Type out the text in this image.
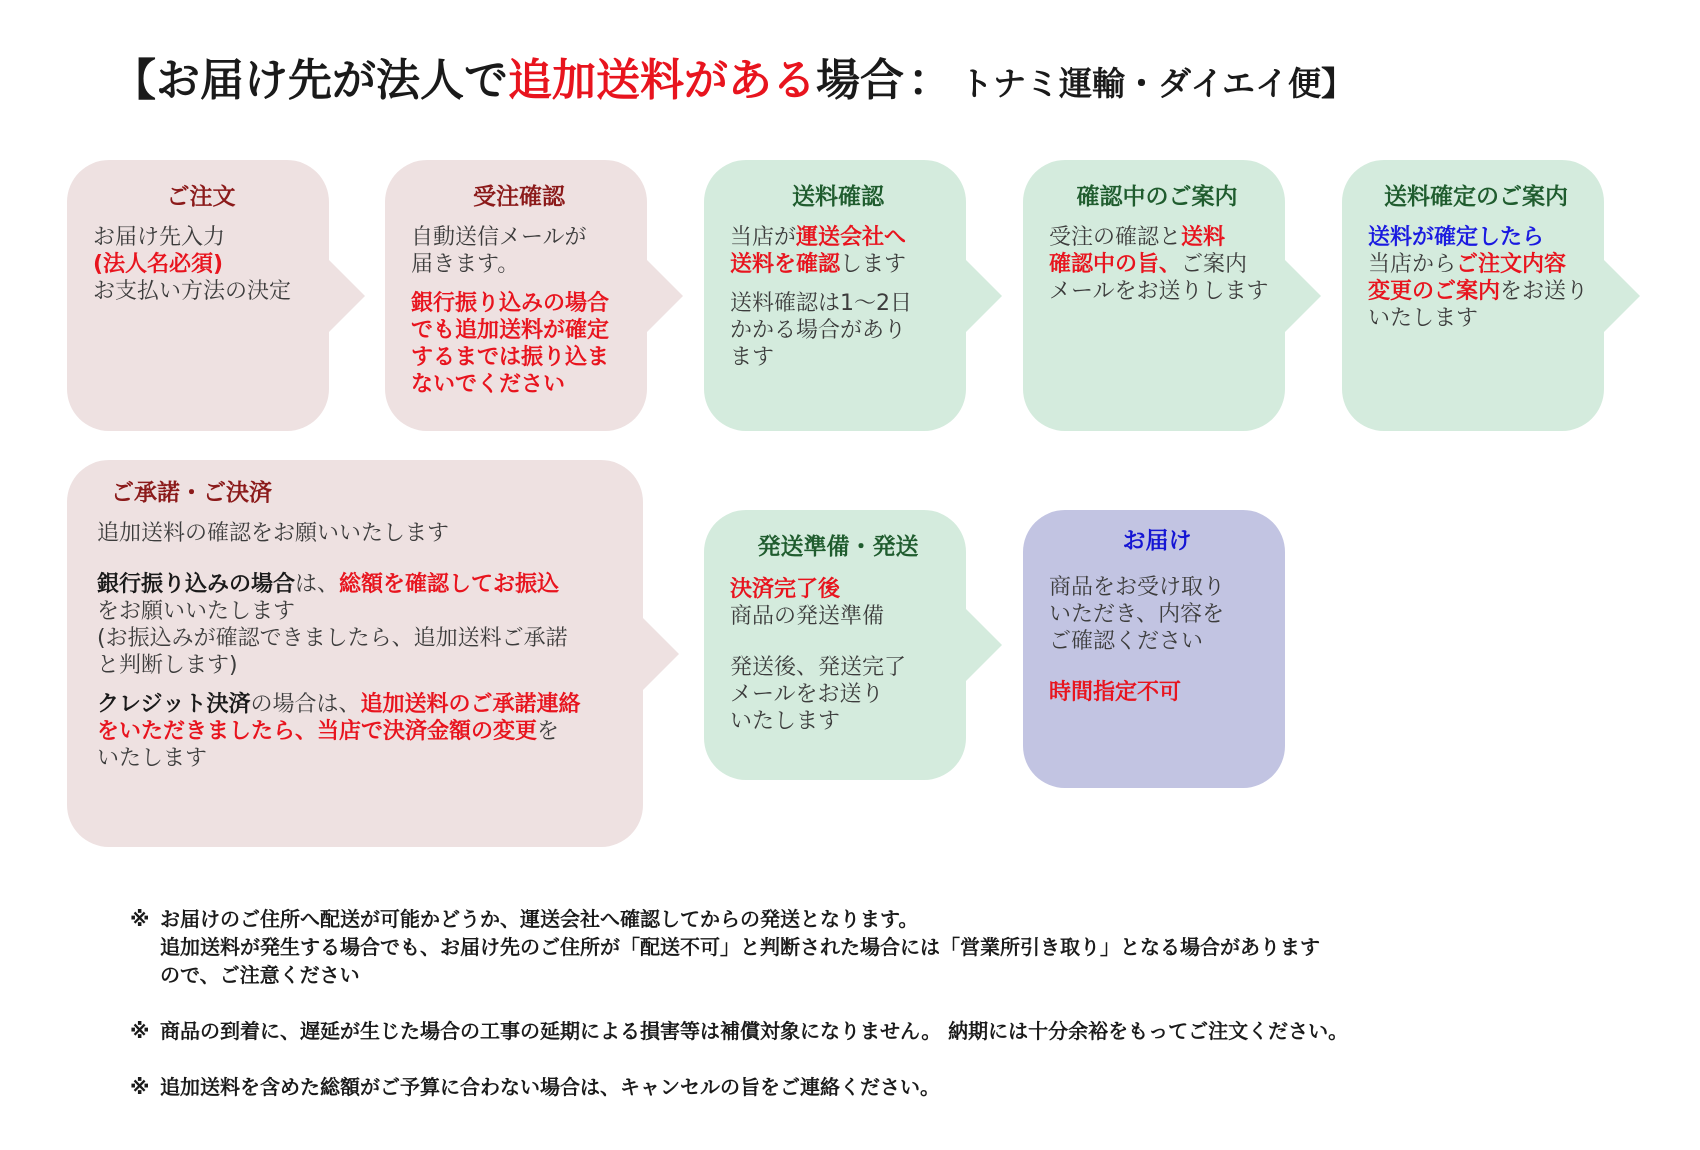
【お届け先が法人で 追加送料がある 場合 ： トナミ運輸・ダイエイ便】
ご注文

お届け先入力

(法人名必須)

お支払い方法の決定

受注確認

自動送信メールが

届きます。

銀行振り込みの場合

でも追加送料が確定

するまでは振り込ま

ないでください

送料確認

当店が運送会社へ

送料を確認します

送料確認は1～2日

かかる場合があり

ます

確認中のご案内

受注の確認と送料

確認中の旨、ご案内

メールをお送りします

送料確定のご案内

送料が確定したら

当店からご注文内容

変更のご案内をお送り

いたします

ご承諾・ご決済

追加送料の確認をお願いいたします

銀行振り込みの場合は、総額を確認してお振込

をお願いいたします

(お振込みが確認できましたら、追加送料ご承諾

と判断します)

クレジット決済の場合は、追加送料のご承諾連絡

をいただきましたら、当店で決済金額の変更を

いたします

発送準備・発送

決済完了後

商品の発送準備

発送後、発送完了

メールをお送り

いたします

お届け

商品をお受け取り

いただき、内容を

ご確認ください

時間指定不可

※ お届けのご住所へ配送が可能かどうか、運送会社へ確認してからの発送となります。

追加送料が発生する場合でも、お届け先のご住所が「配送不可」と判断された場合には「営業所引き取り」となる場合があります

ので、ご注意ください

※ 商品の到着に、遅延が生じた場合の工事の延期による損害等は補償対象になりません。 納期には十分余裕をもってご注文ください。

※ 追加送料を含めた総額がご予算に合わない場合は、キャンセルの旨をご連絡ください。
